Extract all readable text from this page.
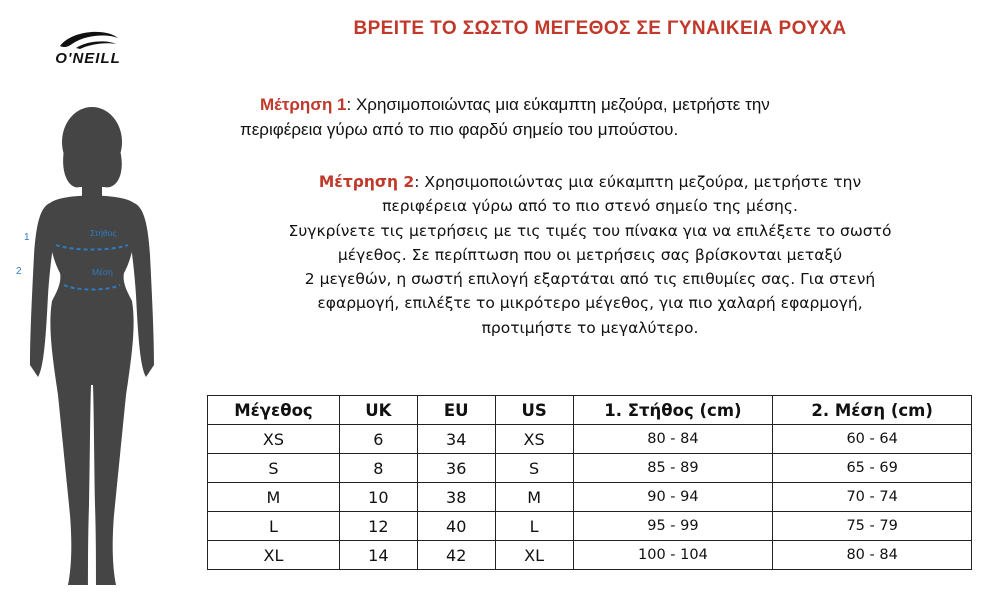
ΒΡΕΙΤΕ ΤΟ ΣΩΣΤΟ ΜΕΓΕΘΟΣ ΣΕ ΓΥΝΑΙΚΕΙΑ ΡΟΥΧΑ
O'NEILL
1	Στήθος
2	Μέση
Μέτρηση 1: Χρησιμοποιώντας μια εύκαμπτη μεζούρα, μετρήστε την
περιφέρεια γύρω από το πιο φαρδύ σημείο του μπούστου.
Μέτρηση 2: Χρησιμοποιώντας μια εύκαμπτη μεζούρα, μετρήστε την
περιφέρεια γύρω από το πιο στενό σημείο της μέσης.
Συγκρίνετε τις μετρήσεις με τις τιμές του πίνακα για να επιλέξετε το σωστό
μέγεθος. Σε περίπτωση που οι μετρήσεις σας βρίσκονται μεταξύ
2 μεγεθών, η σωστή επιλογή εξαρτάται από τις επιθυμίες σας. Για στενή
εφαρμογή, επιλέξτε το μικρότερο μέγεθος, για πιο χαλαρή εφαρμογή,
προτιμήστε το μεγαλύτερο.
Μέγεθος	UK	EU	US	1. Στήθος (cm)	2. Μέση (cm)
XS	6	34	XS	80 - 84	60 - 64
S	8	36	S	85 - 89	65 - 69
M	10	38	M	90 - 94	70 - 74
L	12	40	L	95 - 99	75 - 79
XL	14	42	XL	100 - 104	80 - 84
